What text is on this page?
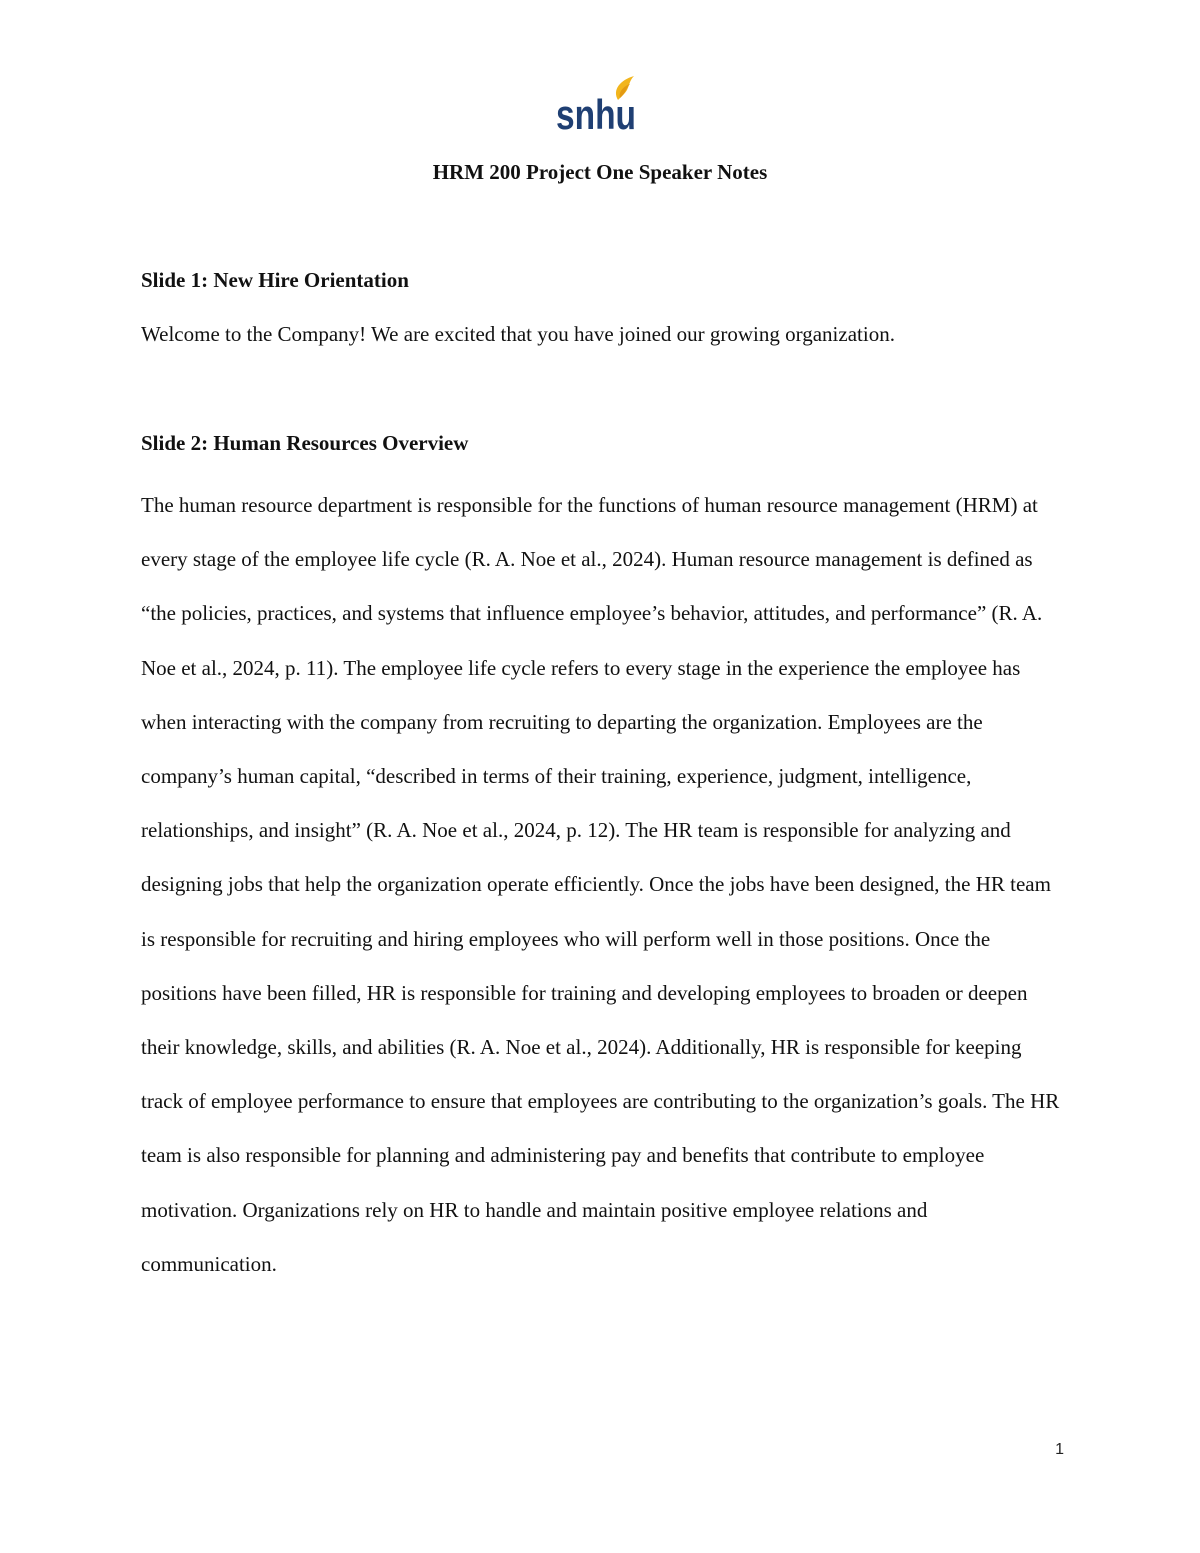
snhu
HRM 200 Project One Speaker Notes
Slide 1: New Hire Orientation

Welcome to the Company! We are excited that you have joined our growing organization.

Slide 2: Human Resources Overview

The human resource department is responsible for the functions of human resource management (HRM) at every stage of the employee life cycle (R. A. Noe et al., 2024). Human resource management is defined as “the policies, practices, and systems that influence employee’s behavior, attitudes, and performance” (R. A. Noe et al., 2024, p. 11). The employee life cycle refers to every stage in the experience the employee has when interacting with the company from recruiting to departing the organization. Employees are the company’s human capital, “described in terms of their training, experience, judgment, intelligence, relationships, and insight” (R. A. Noe et al., 2024, p. 12). The HR team is responsible for analyzing and designing jobs that help the organization operate efficiently. Once the jobs have been designed, the HR team is responsible for recruiting and hiring employees who will perform well in those positions. Once the positions have been filled, HR is responsible for training and developing employees to broaden or deepen their knowledge, skills, and abilities (R. A. Noe et al., 2024). Additionally, HR is responsible for keeping track of employee performance to ensure that employees are contributing to the organization’s goals. The HR team is also responsible for planning and administering pay and benefits that contribute to employee motivation. Organizations rely on HR to handle and maintain positive employee relations and communication.

1
